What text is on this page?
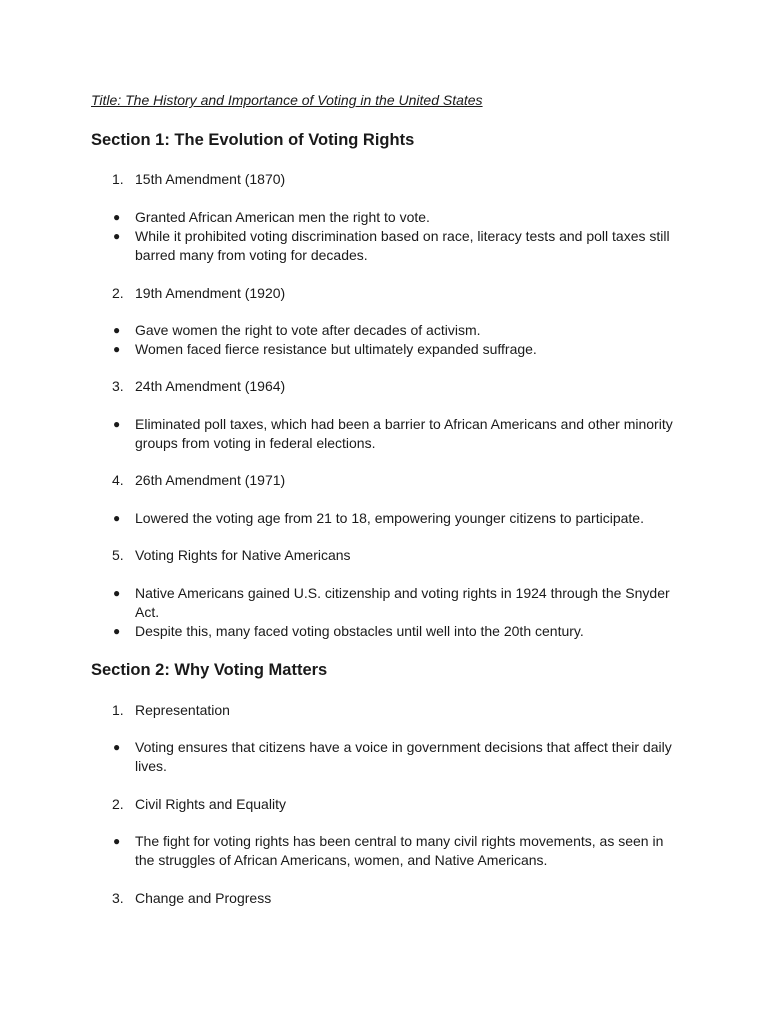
Title: The History and Importance of Voting in the United States
Section 1: The Evolution of Voting Rights
1. 15th Amendment (1870)
● Granted African American men the right to vote.
● While it prohibited voting discrimination based on race, literacy tests and poll taxes still barred many from voting for decades.
2. 19th Amendment (1920)
● Gave women the right to vote after decades of activism.
● Women faced fierce resistance but ultimately expanded suffrage.
3. 24th Amendment (1964)
● Eliminated poll taxes, which had been a barrier to African Americans and other minority groups from voting in federal elections.
4. 26th Amendment (1971)
● Lowered the voting age from 21 to 18, empowering younger citizens to participate.
5. Voting Rights for Native Americans
● Native Americans gained U.S. citizenship and voting rights in 1924 through the Snyder Act.
● Despite this, many faced voting obstacles until well into the 20th century.
Section 2: Why Voting Matters
1. Representation
● Voting ensures that citizens have a voice in government decisions that affect their daily lives.
2. Civil Rights and Equality
● The fight for voting rights has been central to many civil rights movements, as seen in the struggles of African Americans, women, and Native Americans.
3. Change and Progress
